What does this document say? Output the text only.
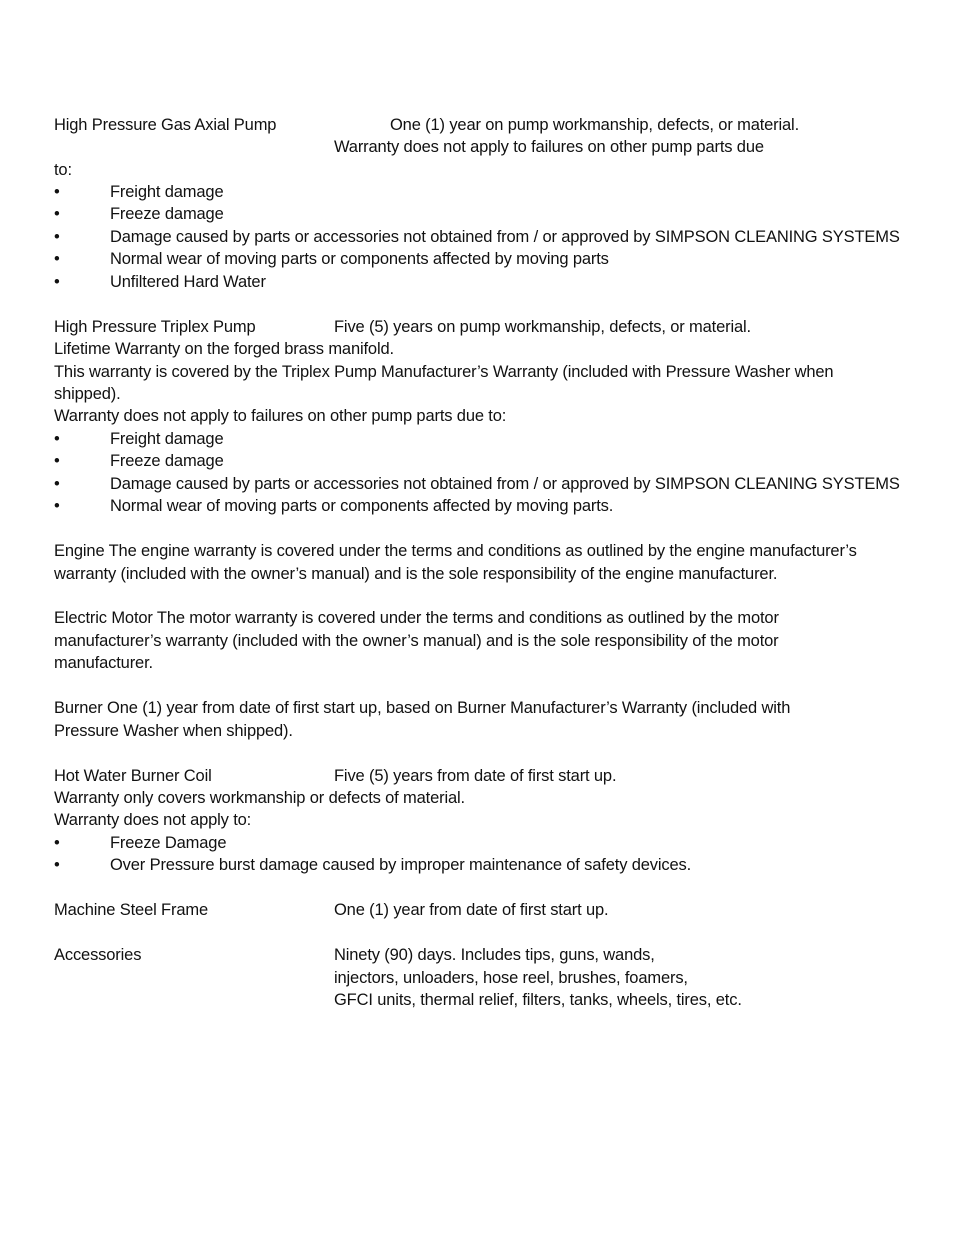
High Pressure Gas Axial Pump	One (1) year on pump workmanship, defects, or material.
Warranty does not apply to failures on other pump parts due
to:
•	Freight damage
•	Freeze damage
•	Damage caused by parts or accessories not obtained from / or approved by SIMPSON CLEANING SYSTEMS
•	Normal wear of moving parts or components affected by moving parts
•	Unfiltered Hard Water
High Pressure Triplex Pump	Five (5) years on pump workmanship, defects, or material.
Lifetime Warranty on the forged brass manifold.
This warranty is covered by the Triplex Pump Manufacturer’s Warranty (included with Pressure Washer when
shipped).
Warranty does not apply to failures on other pump parts due to:
•	Freight damage
•	Freeze damage
•	Damage caused by parts or accessories not obtained from / or approved by SIMPSON CLEANING SYSTEMS
•	Normal wear of moving parts or components affected by moving parts.
Engine The engine warranty is covered under the terms and conditions as outlined by the engine manufacturer’s
warranty (included with the owner’s manual) and is the sole responsibility of the engine manufacturer.
Electric Motor The motor warranty is covered under the terms and conditions as outlined by the motor
manufacturer’s warranty (included with the owner’s manual) and is the sole responsibility of the motor
manufacturer.
Burner One (1) year from date of first start up, based on Burner Manufacturer’s Warranty (included with
Pressure Washer when shipped).
Hot Water Burner Coil	Five (5) years from date of first start up.
Warranty only covers workmanship or defects of material.
Warranty does not apply to:
•	Freeze Damage
•	Over Pressure burst damage caused by improper maintenance of safety devices.
Machine Steel Frame	One (1) year from date of first start up.
Accessories	Ninety (90) days. Includes tips, guns, wands,
injectors, unloaders, hose reel, brushes, foamers,
GFCI units, thermal relief, filters, tanks, wheels, tires, etc.
